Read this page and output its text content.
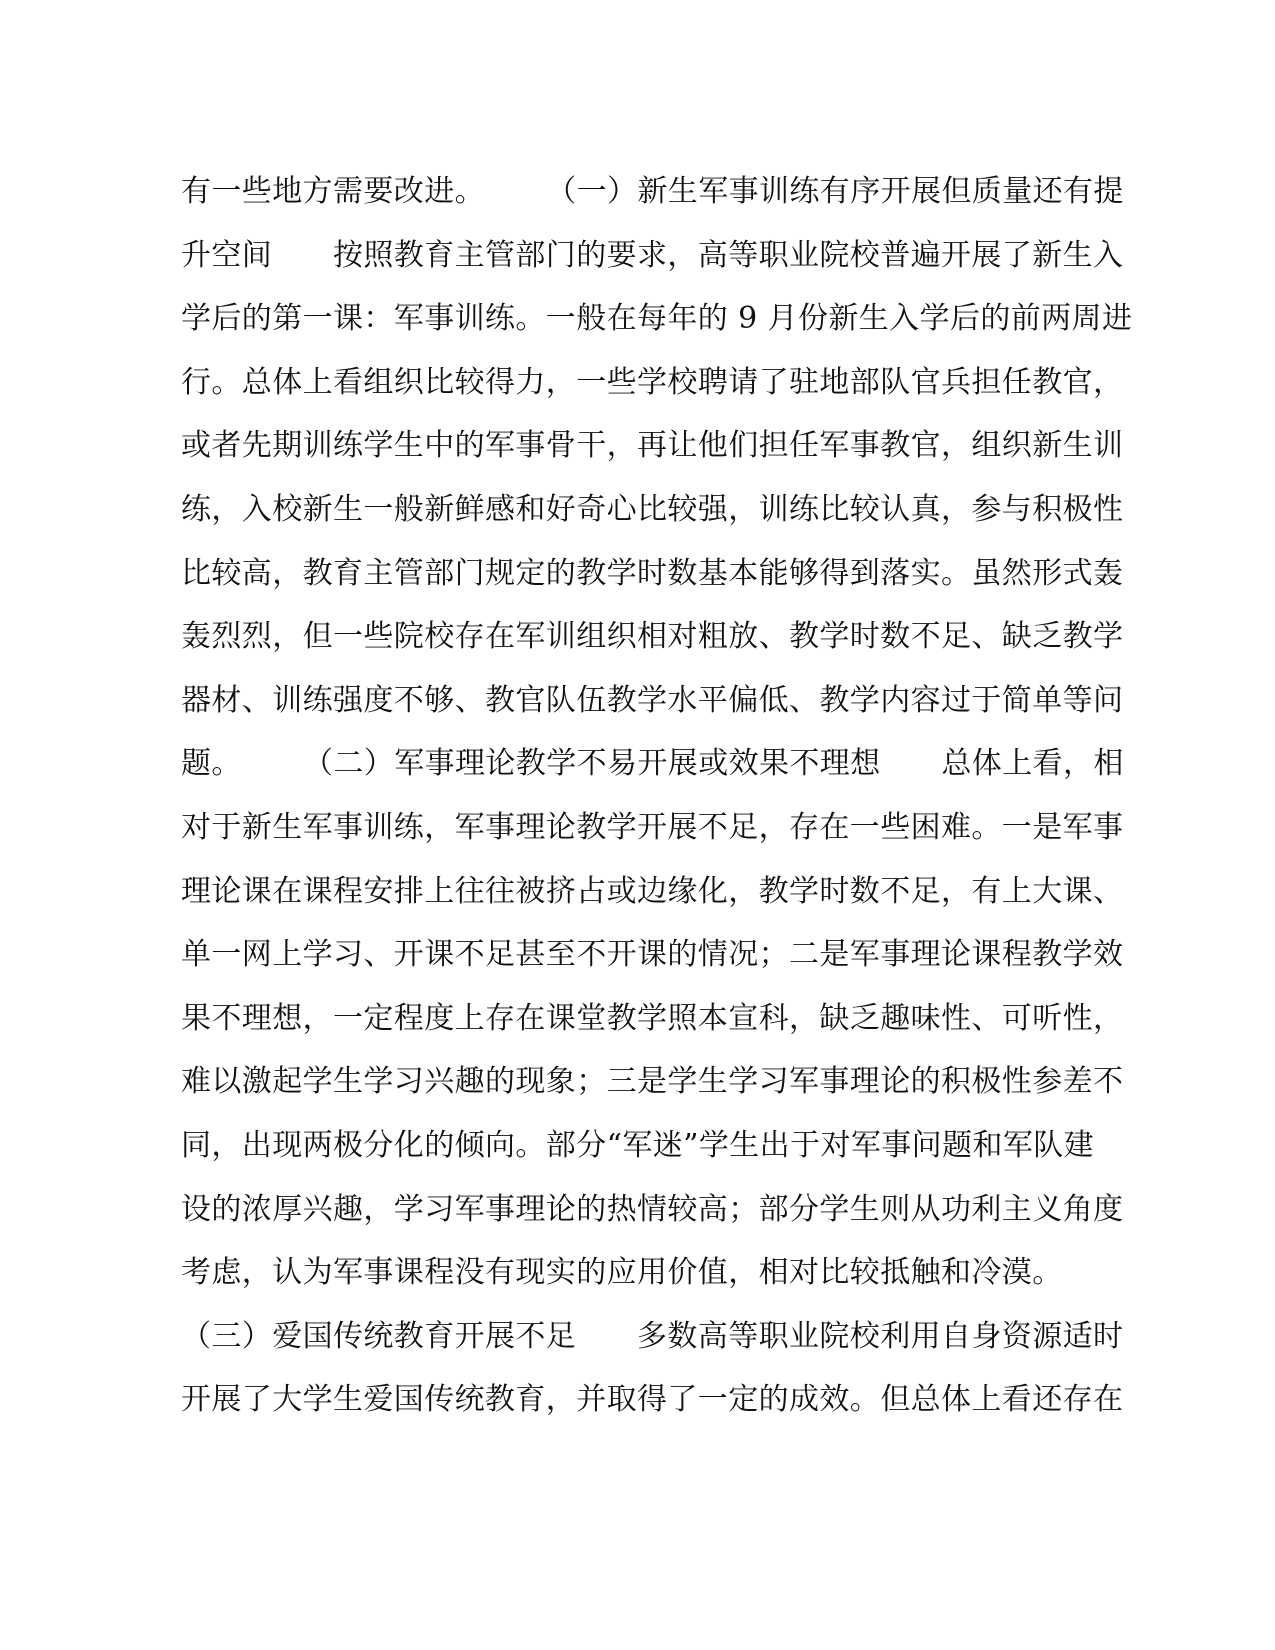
有一些地方需要改进。　　　（一）新生军事训练有序开展但质量还有提
升空间　　按照教育主管部门的要求，高等职业院校普遍开展了新生入
学后的第一课：军事训练。一般在每年的 9 月份新生入学后的前两周进
行。总体上看组织比较得力，一些学校聘请了驻地部队官兵担任教官，
或者先期训练学生中的军事骨干，再让他们担任军事教官，组织新生训
练，入校新生一般新鲜感和好奇心比较强，训练比较认真，参与积极性
比较高，教育主管部门规定的教学时数基本能够得到落实。虽然形式轰
轰烈烈，但一些院校存在军训组织相对粗放、教学时数不足、缺乏教学
器材、训练强度不够、教官队伍教学水平偏低、教学内容过于简单等问
题。　　　（二）军事理论教学不易开展或效果不理想　　总体上看，相
对于新生军事训练，军事理论教学开展不足，存在一些困难。一是军事
理论课在课程安排上往往被挤占或边缘化，教学时数不足，有上大课、
单一网上学习、开课不足甚至不开课的情况；二是军事理论课程教学效
果不理想，一定程度上存在课堂教学照本宣科，缺乏趣味性、可听性，
难以激起学生学习兴趣的现象；三是学生学习军事理论的积极性参差不
同，出现两极分化的倾向。部分“军迷”学生出于对军事问题和军队建
设的浓厚兴趣，学习军事理论的热情较高；部分学生则从功利主义角度
考虑，认为军事课程没有现实的应用价值，相对比较抵触和冷漠。
（三）爱国传统教育开展不足　　多数高等职业院校利用自身资源适时
开展了大学生爱国传统教育，并取得了一定的成效。但总体上看还存在
